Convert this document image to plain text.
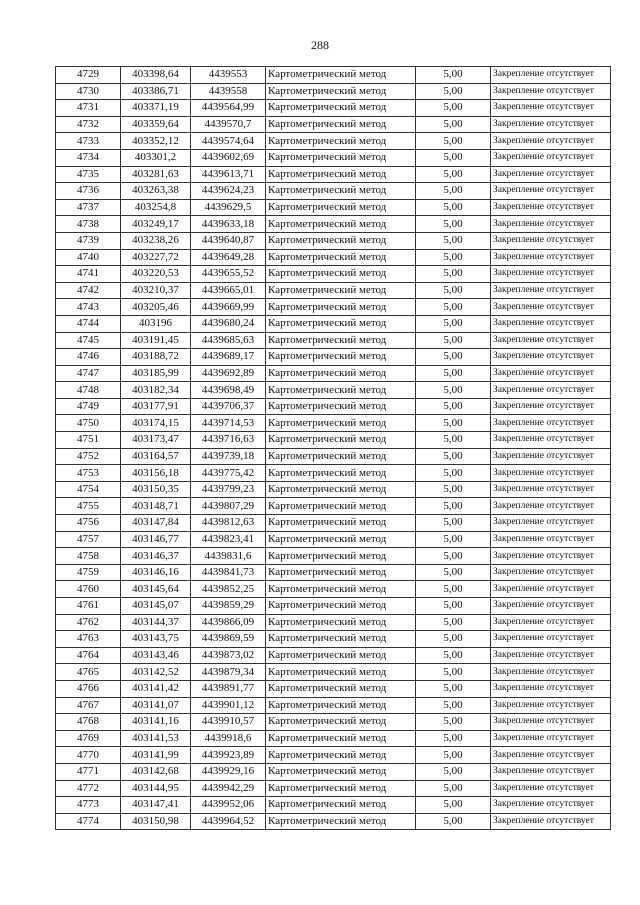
288
4729	403398,64	4439553	Картометрический метод	5,00	Закрепление отсутствует
4730	403386,71	4439558	Картометрический метод	5,00	Закрепление отсутствует
4731	403371,19	4439564,99	Картометрический метод	5,00	Закрепление отсутствует
4732	403359,64	4439570,7	Картометрический метод	5,00	Закрепление отсутствует
4733	403352,12	4439574,64	Картометрический метод	5,00	Закрепление отсутствует
4734	403301,2	4439602,69	Картометрический метод	5,00	Закрепление отсутствует
4735	403281,63	4439613,71	Картометрический метод	5,00	Закрепление отсутствует
4736	403263,38	4439624,23	Картометрический метод	5,00	Закрепление отсутствует
4737	403254,8	4439629,5	Картометрический метод	5,00	Закрепление отсутствует
4738	403249,17	4439633,18	Картометрический метод	5,00	Закрепление отсутствует
4739	403238,26	4439640,87	Картометрический метод	5,00	Закрепление отсутствует
4740	403227,72	4439649,28	Картометрический метод	5,00	Закрепление отсутствует
4741	403220,53	4439655,52	Картометрический метод	5,00	Закрепление отсутствует
4742	403210,37	4439665,01	Картометрический метод	5,00	Закрепление отсутствует
4743	403205,46	4439669,99	Картометрический метод	5,00	Закрепление отсутствует
4744	403196	4439680,24	Картометрический метод	5,00	Закрепление отсутствует
4745	403191,45	4439685,63	Картометрический метод	5,00	Закрепление отсутствует
4746	403188,72	4439689,17	Картометрический метод	5,00	Закрепление отсутствует
4747	403185,99	4439692,89	Картометрический метод	5,00	Закрепление отсутствует
4748	403182,34	4439698,49	Картометрический метод	5,00	Закрепление отсутствует
4749	403177,91	4439706,37	Картометрический метод	5,00	Закрепление отсутствует
4750	403174,15	4439714,53	Картометрический метод	5,00	Закрепление отсутствует
4751	403173,47	4439716,63	Картометрический метод	5,00	Закрепление отсутствует
4752	403164,57	4439739,18	Картометрический метод	5,00	Закрепление отсутствует
4753	403156,18	4439775,42	Картометрический метод	5,00	Закрепление отсутствует
4754	403150,35	4439799,23	Картометрический метод	5,00	Закрепление отсутствует
4755	403148,71	4439807,29	Картометрический метод	5,00	Закрепление отсутствует
4756	403147,84	4439812,63	Картометрический метод	5,00	Закрепление отсутствует
4757	403146,77	4439823,41	Картометрический метод	5,00	Закрепление отсутствует
4758	403146,37	4439831,6	Картометрический метод	5,00	Закрепление отсутствует
4759	403146,16	4439841,73	Картометрический метод	5,00	Закрепление отсутствует
4760	403145,64	4439852,25	Картометрический метод	5,00	Закрепление отсутствует
4761	403145,07	4439859,29	Картометрический метод	5,00	Закрепление отсутствует
4762	403144,37	4439866,09	Картометрический метод	5,00	Закрепление отсутствует
4763	403143,75	4439869,59	Картометрический метод	5,00	Закрепление отсутствует
4764	403143,46	4439873,02	Картометрический метод	5,00	Закрепление отсутствует
4765	403142,52	4439879,34	Картометрический метод	5,00	Закрепление отсутствует
4766	403141,42	4439891,77	Картометрический метод	5,00	Закрепление отсутствует
4767	403141,07	4439901,12	Картометрический метод	5,00	Закрепление отсутствует
4768	403141,16	4439910,57	Картометрический метод	5,00	Закрепление отсутствует
4769	403141,53	4439918,6	Картометрический метод	5,00	Закрепление отсутствует
4770	403141,99	4439923,89	Картометрический метод	5,00	Закрепление отсутствует
4771	403142,68	4439929,16	Картометрический метод	5,00	Закрепление отсутствует
4772	403144,95	4439942,29	Картометрический метод	5,00	Закрепление отсутствует
4773	403147,41	4439952,06	Картометрический метод	5,00	Закрепление отсутствует
4774	403150,98	4439964,52	Картометрический метод	5,00	Закрепление отсутствует
